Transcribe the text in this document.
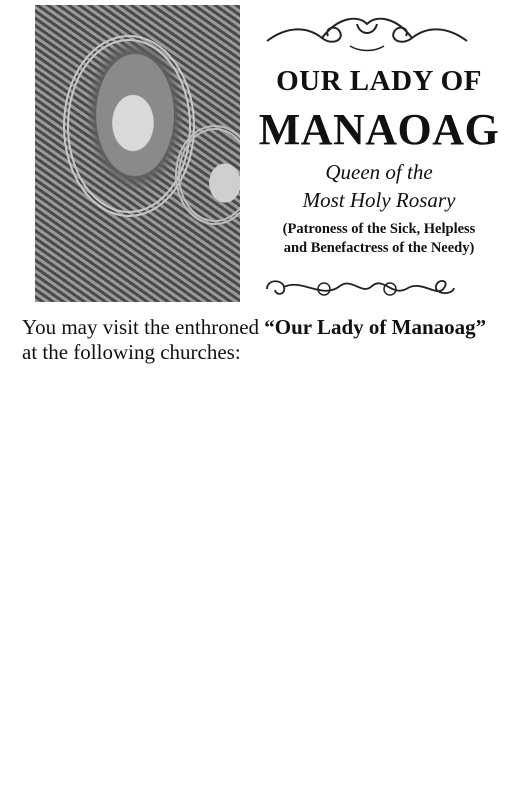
OUR LADY OF
MANAOAG
Queen of the
Most Holy Rosary
(Patroness of the Sick, Helpless
and Benefactress of the Needy)
You may visit the enthroned “Our Lady of Manaoag” at the following churches:
